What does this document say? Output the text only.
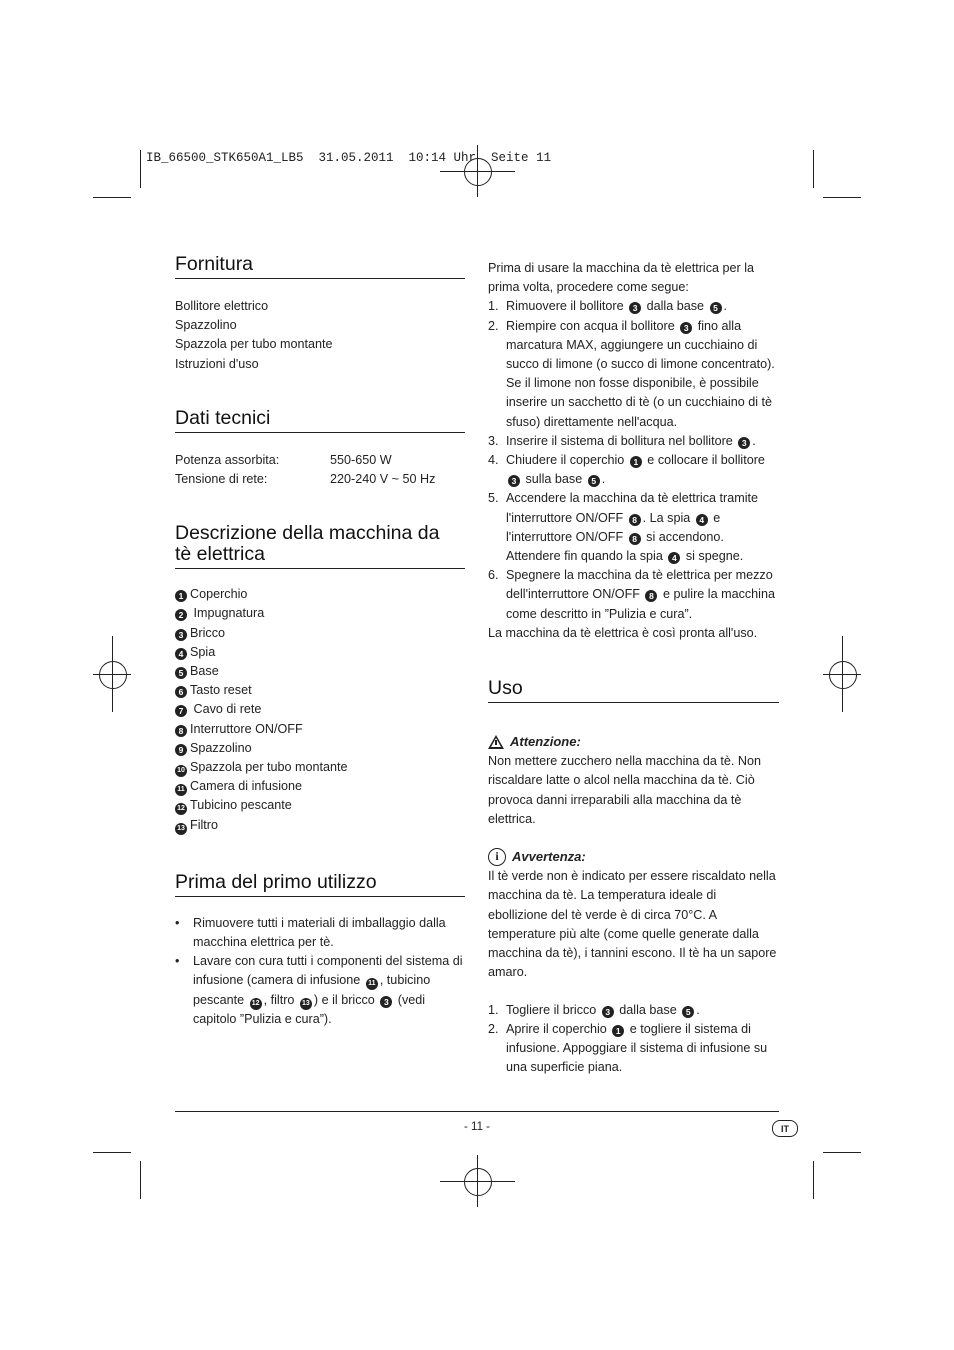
IB_66500_STK650A1_LB5  31.05.2011  10:14 Uhr  Seite 11
Fornitura

Bollitore elettrico

Spazzolino

Spazzola per tubo montante

Istruzioni d'uso

Dati tecnici
Potenza assorbita:	550-650 W
Tensione di rete:	220-240 V ~ 50 Hz
Descrizione della macchina da
tè elettrica

1 Coperchio

2 Impugnatura

3 Bricco

4 Spia

5 Base

6 Tasto reset

7 Cavo di rete

8 Interruttore ON/OFF

9 Spazzolino

10 Spazzola per tubo montante

11 Camera di infusione

12 Tubicino pescante

13 Filtro

Prima del primo utilizzo
• Rimuovere tutti i materiali di imballaggio dalla macchina elettrica per tè.
• Lavare con cura tutti i componenti del sistema di infusione (camera di infusione 11 , tubicino pescante 12 , filtro 13 ) e il bricco 3 (vedi capitolo ”Pulizia e cura”).

Prima di usare la macchina da tè elettrica per la prima volta, procedere come segue:

1. Rimuovere il bollitore 3 dalla base 5 .
2. Riempire con acqua il bollitore 3 fino alla marcatura MAX, aggiungere un cucchiaino di succo di limone (o succo di limone concentrato). Se il limone non fosse disponibile, è possibile inserire un sacchetto di tè (o un cucchiaino di tè sfuso) direttamente nell'acqua.
3. Inserire il sistema di bollitura nel bollitore 3 .
4. Chiudere il coperchio 1 e collocare il bollitore 3 sulla base 5 .
5. Accendere la macchina da tè elettrica tramite l'interruttore ON/OFF 8 . La spia 4 e l'interruttore ON/OFF 8 si accendono. Attendere fin quando la spia 4 si spegne.
6. Spegnere la macchina da tè elettrica per mezzo dell'interruttore ON/OFF 8 e pulire la macchina come descritto in ”Pulizia e cura”.

La macchina da tè elettrica è così pronta all'uso.

Uso
Attenzione:

Non mettere zucchero nella macchina da tè. Non riscaldare latte o alcol nella macchina da tè. Ciò provoca danni irreparabili alla macchina da tè elettrica.

i	Avvertenza:

Il tè verde non è indicato per essere riscaldato nella macchina da tè. La temperatura ideale di ebollizione del tè verde è di circa 70°C. A temperature più alte (come quelle generate dalla macchina da tè), i tannini escono. Il tè ha un sapore amaro.

1. Togliere il bricco 3 dalla base 5 .
2. Aprire il coperchio 1 e togliere il sistema di infusione. Appoggiare il sistema di infusione su una superficie piana.
- 11 -	IT
